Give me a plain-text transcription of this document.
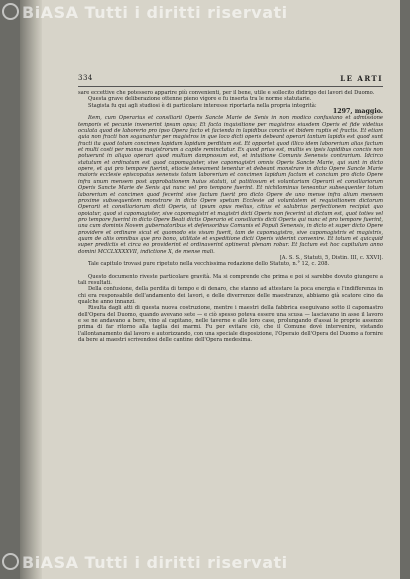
334	LE ARTI

sare eccettive che potessero apparire più convenienti, per il bene, utile e sollecito didirigo dei lavori del Duomo.

Questa grave deliberazione ottenne pieno vigore e fu inserta tra le norme statutarie.

Stagista fu qui agli studiosi è di particolare interesse riportarla nella propria integrità:

1297, maggio.

Item, cum Operarius et consiliarii Operis Sancte Marie de Senis in non modico confusiano et admissione temporis et pecunie invenerint ipsum opus; Et facta inquisitione per magistros eiusdem Operis et fide videtius oculata quod de laborerio pro ipso Opera facto et facienda in lapidibus conciis et ibidem ruptis et fractis. Et etiam quia non fracti hon soganantur per magistros in que loco dicti operis debeant operari tantum lapidis est quod sunt fracti ita quod totum concimen lapidum lapidum perditum est. Et opportet quod illico idem laborerium alias factum et multi costi per manus magistrorum a capite reminctatur. Ex quod prius est, multis ex ipsis lapidibus conciis non potuerunt in aliquo operari quod multum dampnosum est, et intuitione Comunis Senensis contrarium. Idcirco statutum et ordinatum est quod capomagister, sive capomagistri omnis Operis Sancte Marie, qui sunt in dicto opere, et qui pro tempore fuerint, etiocie teneament tenentur et debeant monstrare in dicto Opere Sancte Marie maioris ecclesie episcopatus senensis totum laborerium et concimen lapidum factum et concium pro dicto Opere infra unum mensem post approbationem huius statuti, ut patitiosum et voluntarium Operarii et consiliariorum Operis Sancte Marie de Senis qui nunc vel pro tempore fuerint. Et nichilominus teneantur subsequenter totum laborerium et concimen quod fecerint sive factum fuerit pro dicto Opere de uno mense infra alium mensem proxime subsequentem monstrare in dicto Opere spetum Ecclesie ad voluntatem et requisitionem dictorum Operarii et consiliariorum dicti Operis, ut ipsum opus melius, citius et salubrius perfectionem recipiat quo opoiatur, quod si capomagister, sive capomagistri et magistri dicti Operis non fecerint ut dictum est, quot toties vel pro tempore fuerint in dicto Opere Beati dictis Operario et consiliariis dicti Operis qui nunc et pro tempore fuerint, una cum dominis Novem gubernatoribus et defensoribus Comunis et Populi Senensis, in dicto et super dicto Opere providere et ordinare sicut et quomodo eis visum fuerit, tam de capomagistro, sive capomagistris et magistris, quam de aliis omnibus que pro bono, utilitate et expeditione dicti Operis viderint convenire. Et totum et quicquid super predictis et circa eo providerint et ordinaverint optinerat plenam robur. Et factum est hoc capitulum anno domini MCCLXXXXVII, indictione X, de mense mali.

[A. S. S., Statuti, 5, Distin. III, c. XXVI].

Tale capitulo trovasi pure ripetuto nella vecchissima redazione dello Statuto, n.° 12, c. 208.

Questo documento riveste particolare gravità. Ma si comprende che prima e poi si sarebbe dovuto giungere a tali resultati.

Della confusione, della perdita di tempo e di denaro, che stanno ad attestare la poca energia e l'indifferenza in chi era responsabile dell'andamento dei lavori, e delle diverrenze delle maestranze, abbiamo già scatore cino da qualche anno innanzi.

Risulta dagli atti di questa nuova costruzione, mentre i maestri della fabbrica eseguivano sotto il capomastro dell'Opera del Duomo, quando avevano sete — e ciò spesso poteva essere una scusa — lasciavano in asse il lavoro e se ne andavano a bere, vino al capitano, nelle taverne e alle loro case, prolungando d'assai le proprie assenze prima di far ritorno alla taglia dei marmi. Fu per evitare ciò, che il Comune dové intervenire, vietando l'allontanamento dal lavoro e autorizzando, con una speciale disposizione, l'Operaio dell'Opera del Duomo a fornire da bere ai maestri scrivendosi delle cantine dell'Opera medesima.

BiASA Tutti i diritti riservati
BiASA Tutti i diritti riservati
